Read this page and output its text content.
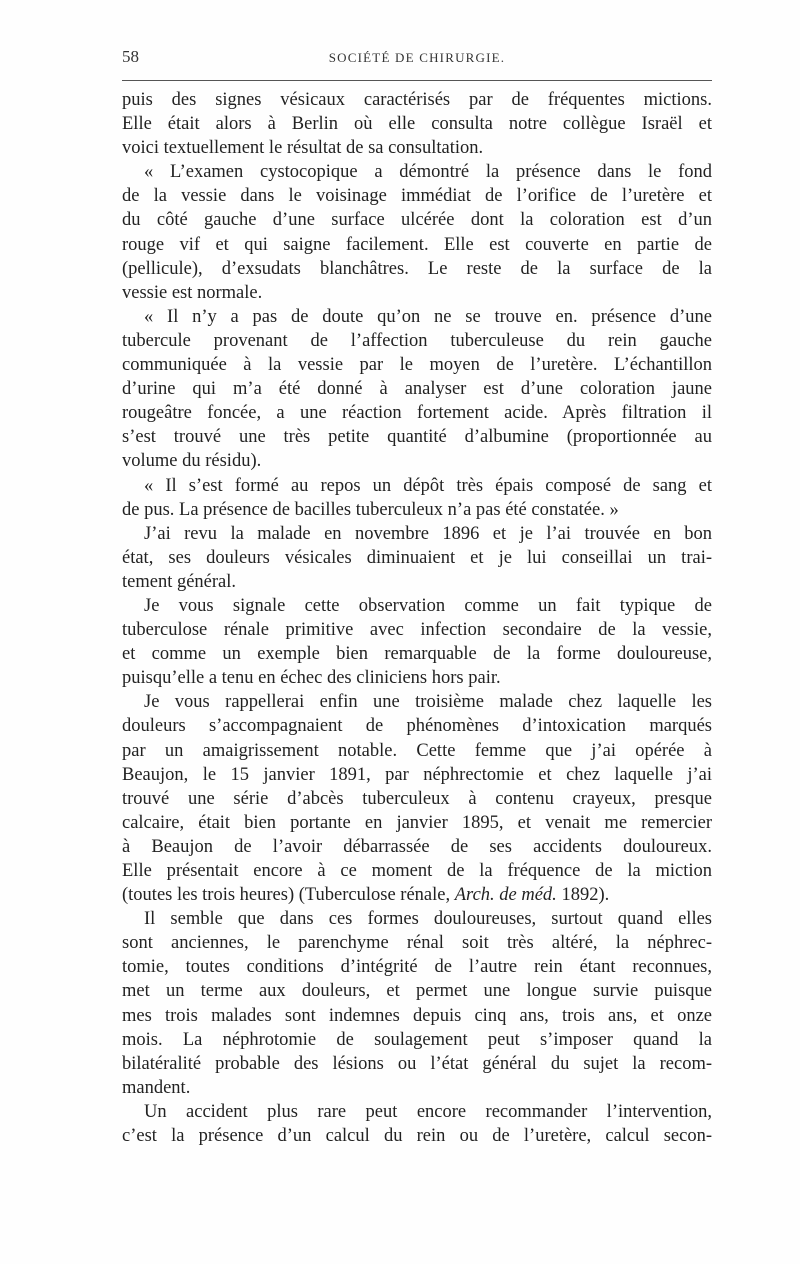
58	SOCIÉTÉ DE CHIRURGIE.
puis des signes vésicaux caractérisés par de fréquentes mictions.
Elle était alors à Berlin où elle consulta notre collègue Israël et
voici textuellement le résultat de sa consultation.
« L’examen cystocopique a démontré la présence dans le fond
de la vessie dans le voisinage immédiat de l’orifice de l’uretère et
du côté gauche d’une surface ulcérée dont la coloration est d’un
rouge vif et qui saigne facilement. Elle est couverte en partie de
(pellicule), d’exsudats blanchâtres. Le reste de la surface de la
vessie est normale.
« Il n’y a pas de doute qu’on ne se trouve en. présence d’une
tubercule provenant de l’affection tuberculeuse du rein gauche
communiquée à la vessie par le moyen de l’uretère. L’échantillon
d’urine qui m’a été donné à analyser est d’une coloration jaune
rougeâtre foncée, a une réaction fortement acide. Après filtration il
s’est trouvé une très petite quantité d’albumine (proportionnée au
volume du résidu).
« Il s’est formé au repos un dépôt très épais composé de sang et
de pus. La présence de bacilles tuberculeux n’a pas été constatée. »
J’ai revu la malade en novembre 1896 et je l’ai trouvée en bon
état, ses douleurs vésicales diminuaient et je lui conseillai un trai-
tement général.
Je vous signale cette observation comme un fait typique de
tuberculose rénale primitive avec infection secondaire de la vessie,
et comme un exemple bien remarquable de la forme douloureuse,
puisqu’elle a tenu en échec des cliniciens hors pair.
Je vous rappellerai enfin une troisième malade chez laquelle les
douleurs s’accompagnaient de phénomènes d’intoxication marqués
par un amaigrissement notable. Cette femme que j’ai opérée à
Beaujon, le 15 janvier 1891, par néphrectomie et chez laquelle j’ai
trouvé une série d’abcès tuberculeux à contenu crayeux, presque
calcaire, était bien portante en janvier 1895, et venait me remercier
à Beaujon de l’avoir débarrassée de ses accidents douloureux.
Elle présentait encore à ce moment de la fréquence de la miction
(toutes les trois heures) (Tuberculose rénale, Arch. de méd. 1892).
Il semble que dans ces formes douloureuses, surtout quand elles
sont anciennes, le parenchyme rénal soit très altéré, la néphrec-
tomie, toutes conditions d’intégrité de l’autre rein étant reconnues,
met un terme aux douleurs, et permet une longue survie puisque
mes trois malades sont indemnes depuis cinq ans, trois ans, et onze
mois. La néphrotomie de soulagement peut s’imposer quand la
bilatéralité probable des lésions ou l’état général du sujet la recom-
mandent.
Un accident plus rare peut encore recommander l’intervention,
c’est la présence d’un calcul du rein ou de l’uretère, calcul secon-
